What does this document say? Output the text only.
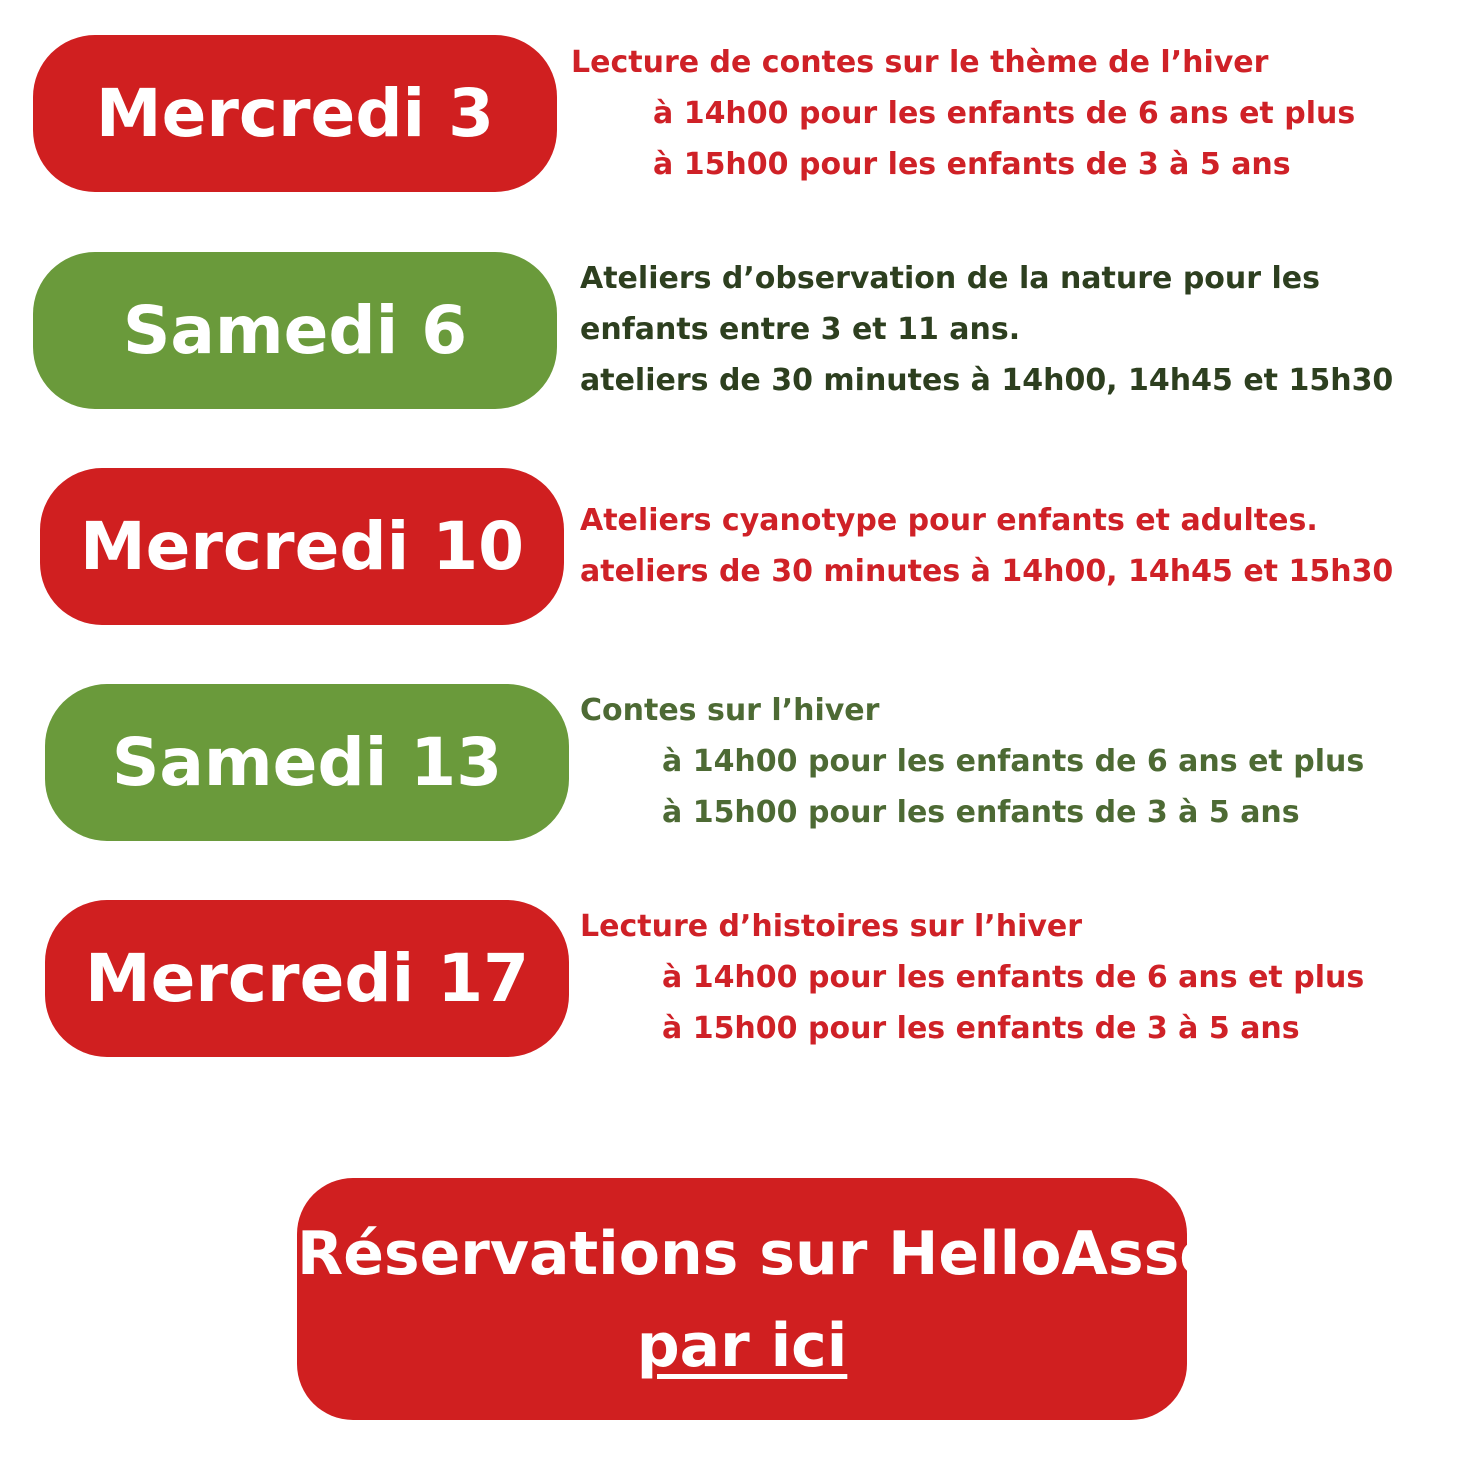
Mercredi 3
Lecture de contes sur le thème de l’hiver
à 14h00 pour les enfants de 6 ans et plus
à 15h00 pour les enfants de 3 à 5 ans
Samedi 6
Ateliers d’observation de la nature pour les
enfants entre 3 et 11 ans.
ateliers de 30 minutes à 14h00, 14h45 et 15h30
Mercredi 10	Ateliers cyanotype pour enfants et adultes.
ateliers de 30 minutes à 14h00, 14h45 et 15h30
Samedi 13
Contes sur l’hiver
à 14h00 pour les enfants de 6 ans et plus
à 15h00 pour les enfants de 3 à 5 ans
Mercredi 17
Lecture d’histoires sur l’hiver
à 14h00 pour les enfants de 6 ans et plus
à 15h00 pour les enfants de 3 à 5 ans
Réservations sur HelloAsso
par ici
